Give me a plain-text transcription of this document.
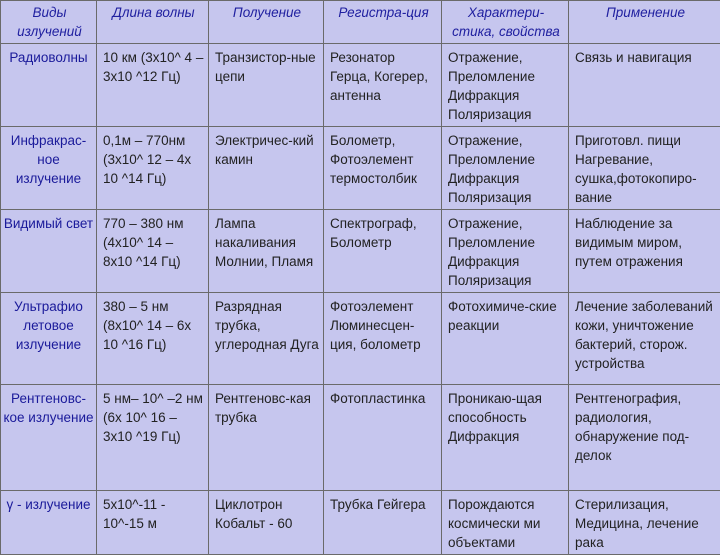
Виды излучений	Длина волны	Получение	Регистра-ция	Характери-стика, свойства	Применение
Радиоволны	10 км (3х10^ 4 – 3х10 ^12 Гц)	Транзистор-ные цепи	Резонатор Герца, Когерер, антенна	Отражение, Преломление Дифракция Поляризация	Связь и навигация
Инфракрас-ное излучение	0,1м – 770нм (3х10^ 12 – 4х 10 ^14 Гц)	Электричес-кий камин	Болометр, Фотоэлемент термостолбик	Отражение, Преломление Дифракция Поляризация	Приготовл. пищи Нагревание, сушка,фотокопиро-вание
Видимый свет	770 – 380 нм (4х10^ 14 – 8х10 ^14 Гц)	Лампа накаливания Молнии, Пламя	Спектрограф, Болометр	Отражение, Преломление Дифракция Поляризация	Наблюдение за видимым миром, путем отражения
Ультрафио летовое излучение	380 – 5 нм (8х10^ 14 – 6х 10 ^16 Гц)	Разрядная трубка, углеродная Дуга	Фотоэлемент Люминесцен-ция, болометр	Фотохимиче-ские реакции	Лечение заболеваний кожи, уничтожение бактерий, сторож. устройства
Рентгеновс-кое излучение	5 нм– 10^ –2 нм (6х 10^ 16 – 3х10 ^19 Гц)	Рентгеновс-кая трубка	Фотопластинка	Проникаю-щая способность Дифракция	Рентгенография, радиология, обнаружение под-делок
γ - излучение	5х10^-11 - 10^-15 м	Циклотрон Кобальт - 60	Трубка Гейгера	Порождаются космически ми объектами	Стерилизация, Медицина, лечение рака
